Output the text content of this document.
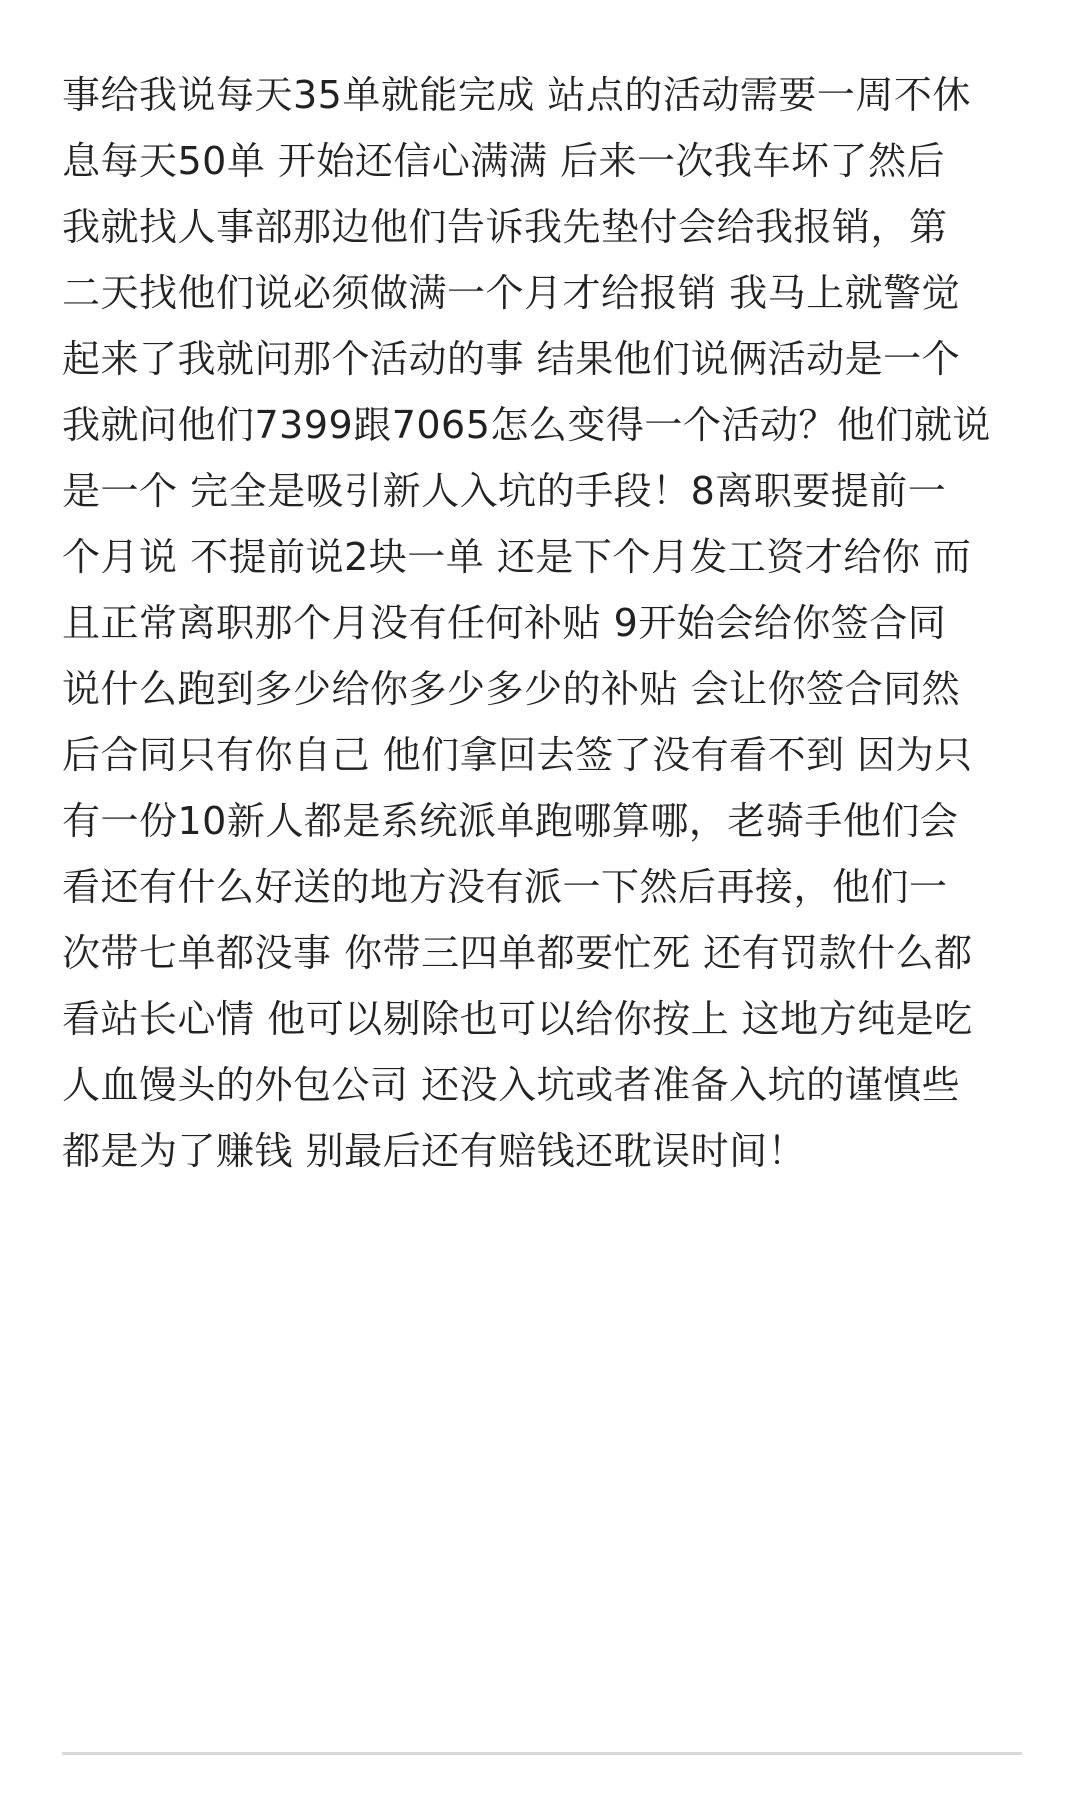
事给我说每天35单就能完成 站点的活动需要一周不休
息每天50单 开始还信心满满 后来一次我车坏了然后
我就找人事部那边他们告诉我先垫付会给我报销，第
二天找他们说必须做满一个月才给报销 我马上就警觉
起来了我就问那个活动的事 结果他们说俩活动是一个
我就问他们7399跟7065怎么变得一个活动？他们就说
是一个 完全是吸引新人入坑的手段！8离职要提前一
个月说 不提前说2块一单 还是下个月发工资才给你 而
且正常离职那个月没有任何补贴 9开始会给你签合同
说什么跑到多少给你多少多少的补贴 会让你签合同然
后合同只有你自己 他们拿回去签了没有看不到 因为只
有一份10新人都是系统派单跑哪算哪，老骑手他们会
看还有什么好送的地方没有派一下然后再接，他们一
次带七单都没事 你带三四单都要忙死 还有罚款什么都
看站长心情 他可以剔除也可以给你按上 这地方纯是吃
人血馒头的外包公司 还没入坑或者准备入坑的谨慎些
都是为了赚钱 别最后还有赔钱还耽误时间！
